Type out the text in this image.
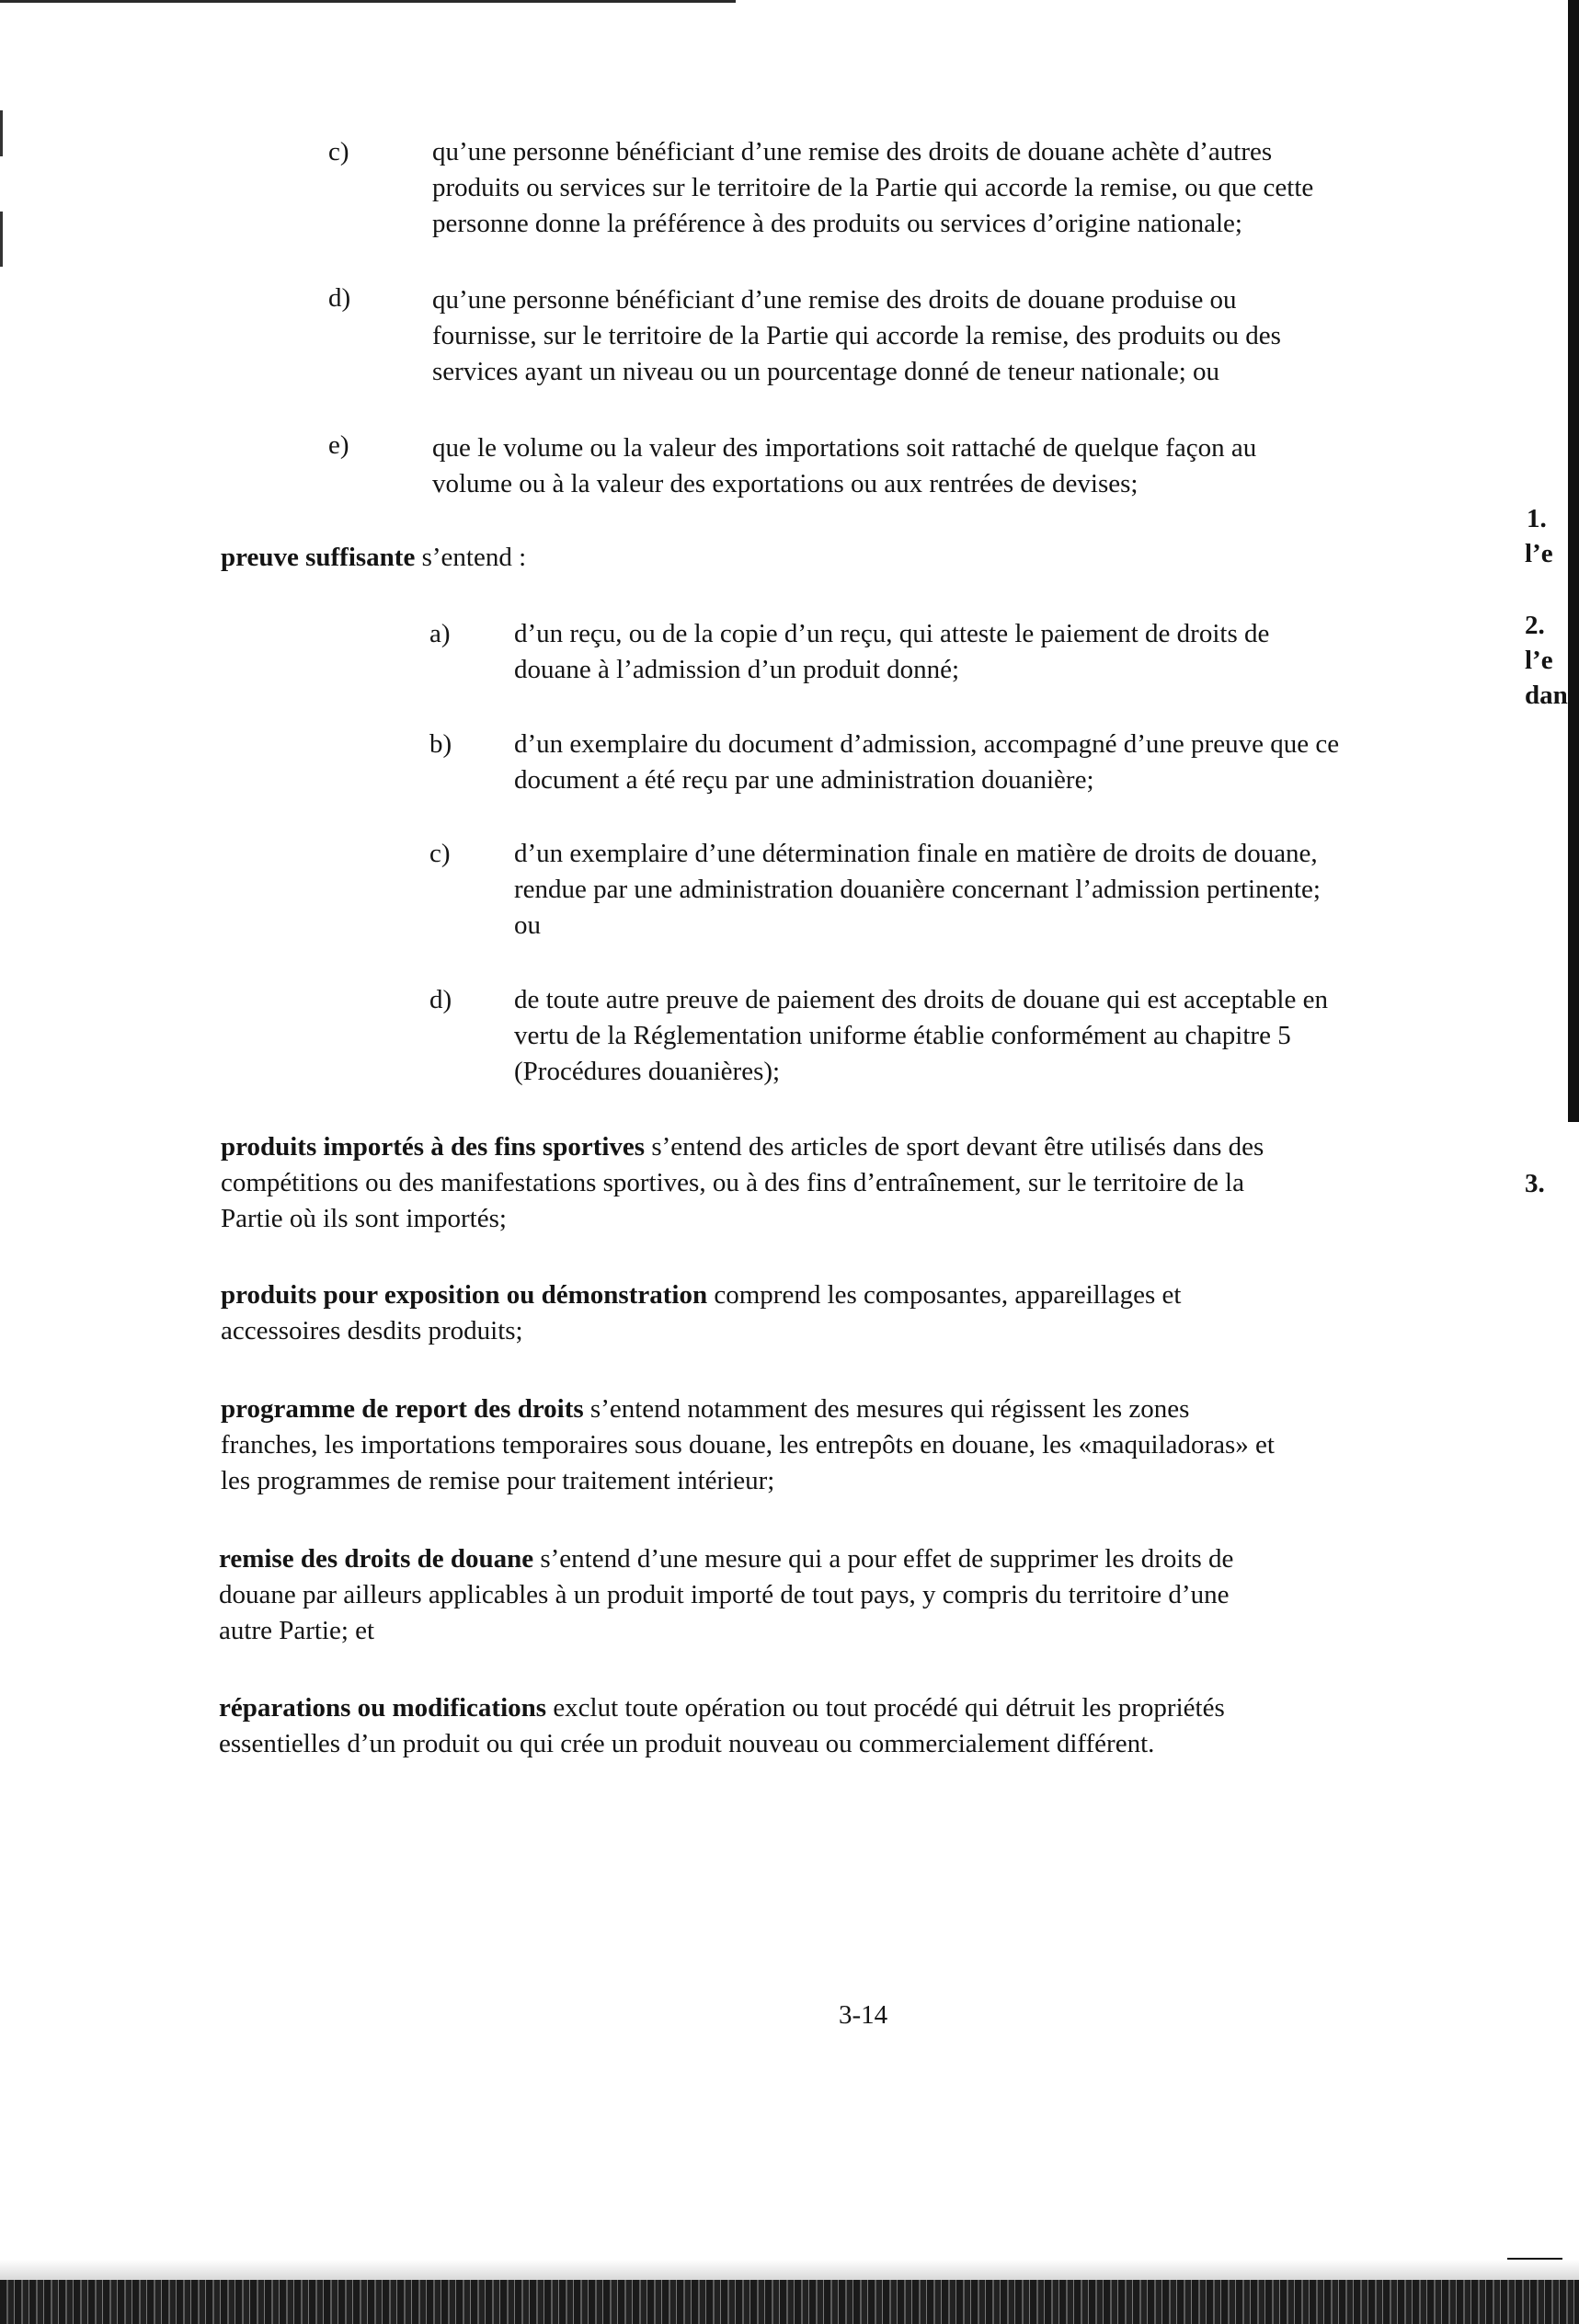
c)	qu’une personne bénéficiant d’une remise des droits de douane achète d’autres
produits ou services sur le territoire de la Partie qui accorde la remise, ou que cette
personne donne la préférence à des produits ou services d’origine nationale;
d)	qu’une personne bénéficiant d’une remise des droits de douane produise ou
fournisse, sur le territoire de la Partie qui accorde la remise, des produits ou des
services ayant un niveau ou un pourcentage donné de teneur nationale; ou
e)	que le volume ou la valeur des importations soit rattaché de quelque façon au
volume ou à la valeur des exportations ou aux rentrées de devises;
preuve suffisante s’entend :
a) d’un reçu, ou de la copie d’un reçu, qui atteste le paiement de droits de
douane à l’admission d’un produit donné;
b) d’un exemplaire du document d’admission, accompagné d’une preuve que ce
document a été reçu par une administration douanière;
c) d’un exemplaire d’une détermination finale en matière de droits de douane,
rendue par une administration douanière concernant l’admission pertinente;
ou
d) de toute autre preuve de paiement des droits de douane qui est acceptable en
vertu de la Réglementation uniforme établie conformément au chapitre 5
(Procédures douanières);
produits importés à des fins sportives s’entend des articles de sport devant être utilisés dans des
compétitions ou des manifestations sportives, ou à des fins d’entraînement, sur le territoire de la
Partie où ils sont importés;
produits pour exposition ou démonstration comprend les composantes, appareillages et
accessoires desdits produits;
programme de report des droits s’entend notamment des mesures qui régissent les zones
franches, les importations temporaires sous douane, les entrepôts en douane, les «maquiladoras» et
les programmes de remise pour traitement intérieur;
remise des droits de douane s’entend d’une mesure qui a pour effet de supprimer les droits de
douane par ailleurs applicables à un produit importé de tout pays, y compris du territoire d’une
autre Partie; et
réparations ou modifications exclut toute opération ou tout procédé qui détruit les propriétés
essentielles d’un produit ou qui crée un produit nouveau ou commercialement différent.
1.
l’e
2.
l’e
dan
3.
3-14
